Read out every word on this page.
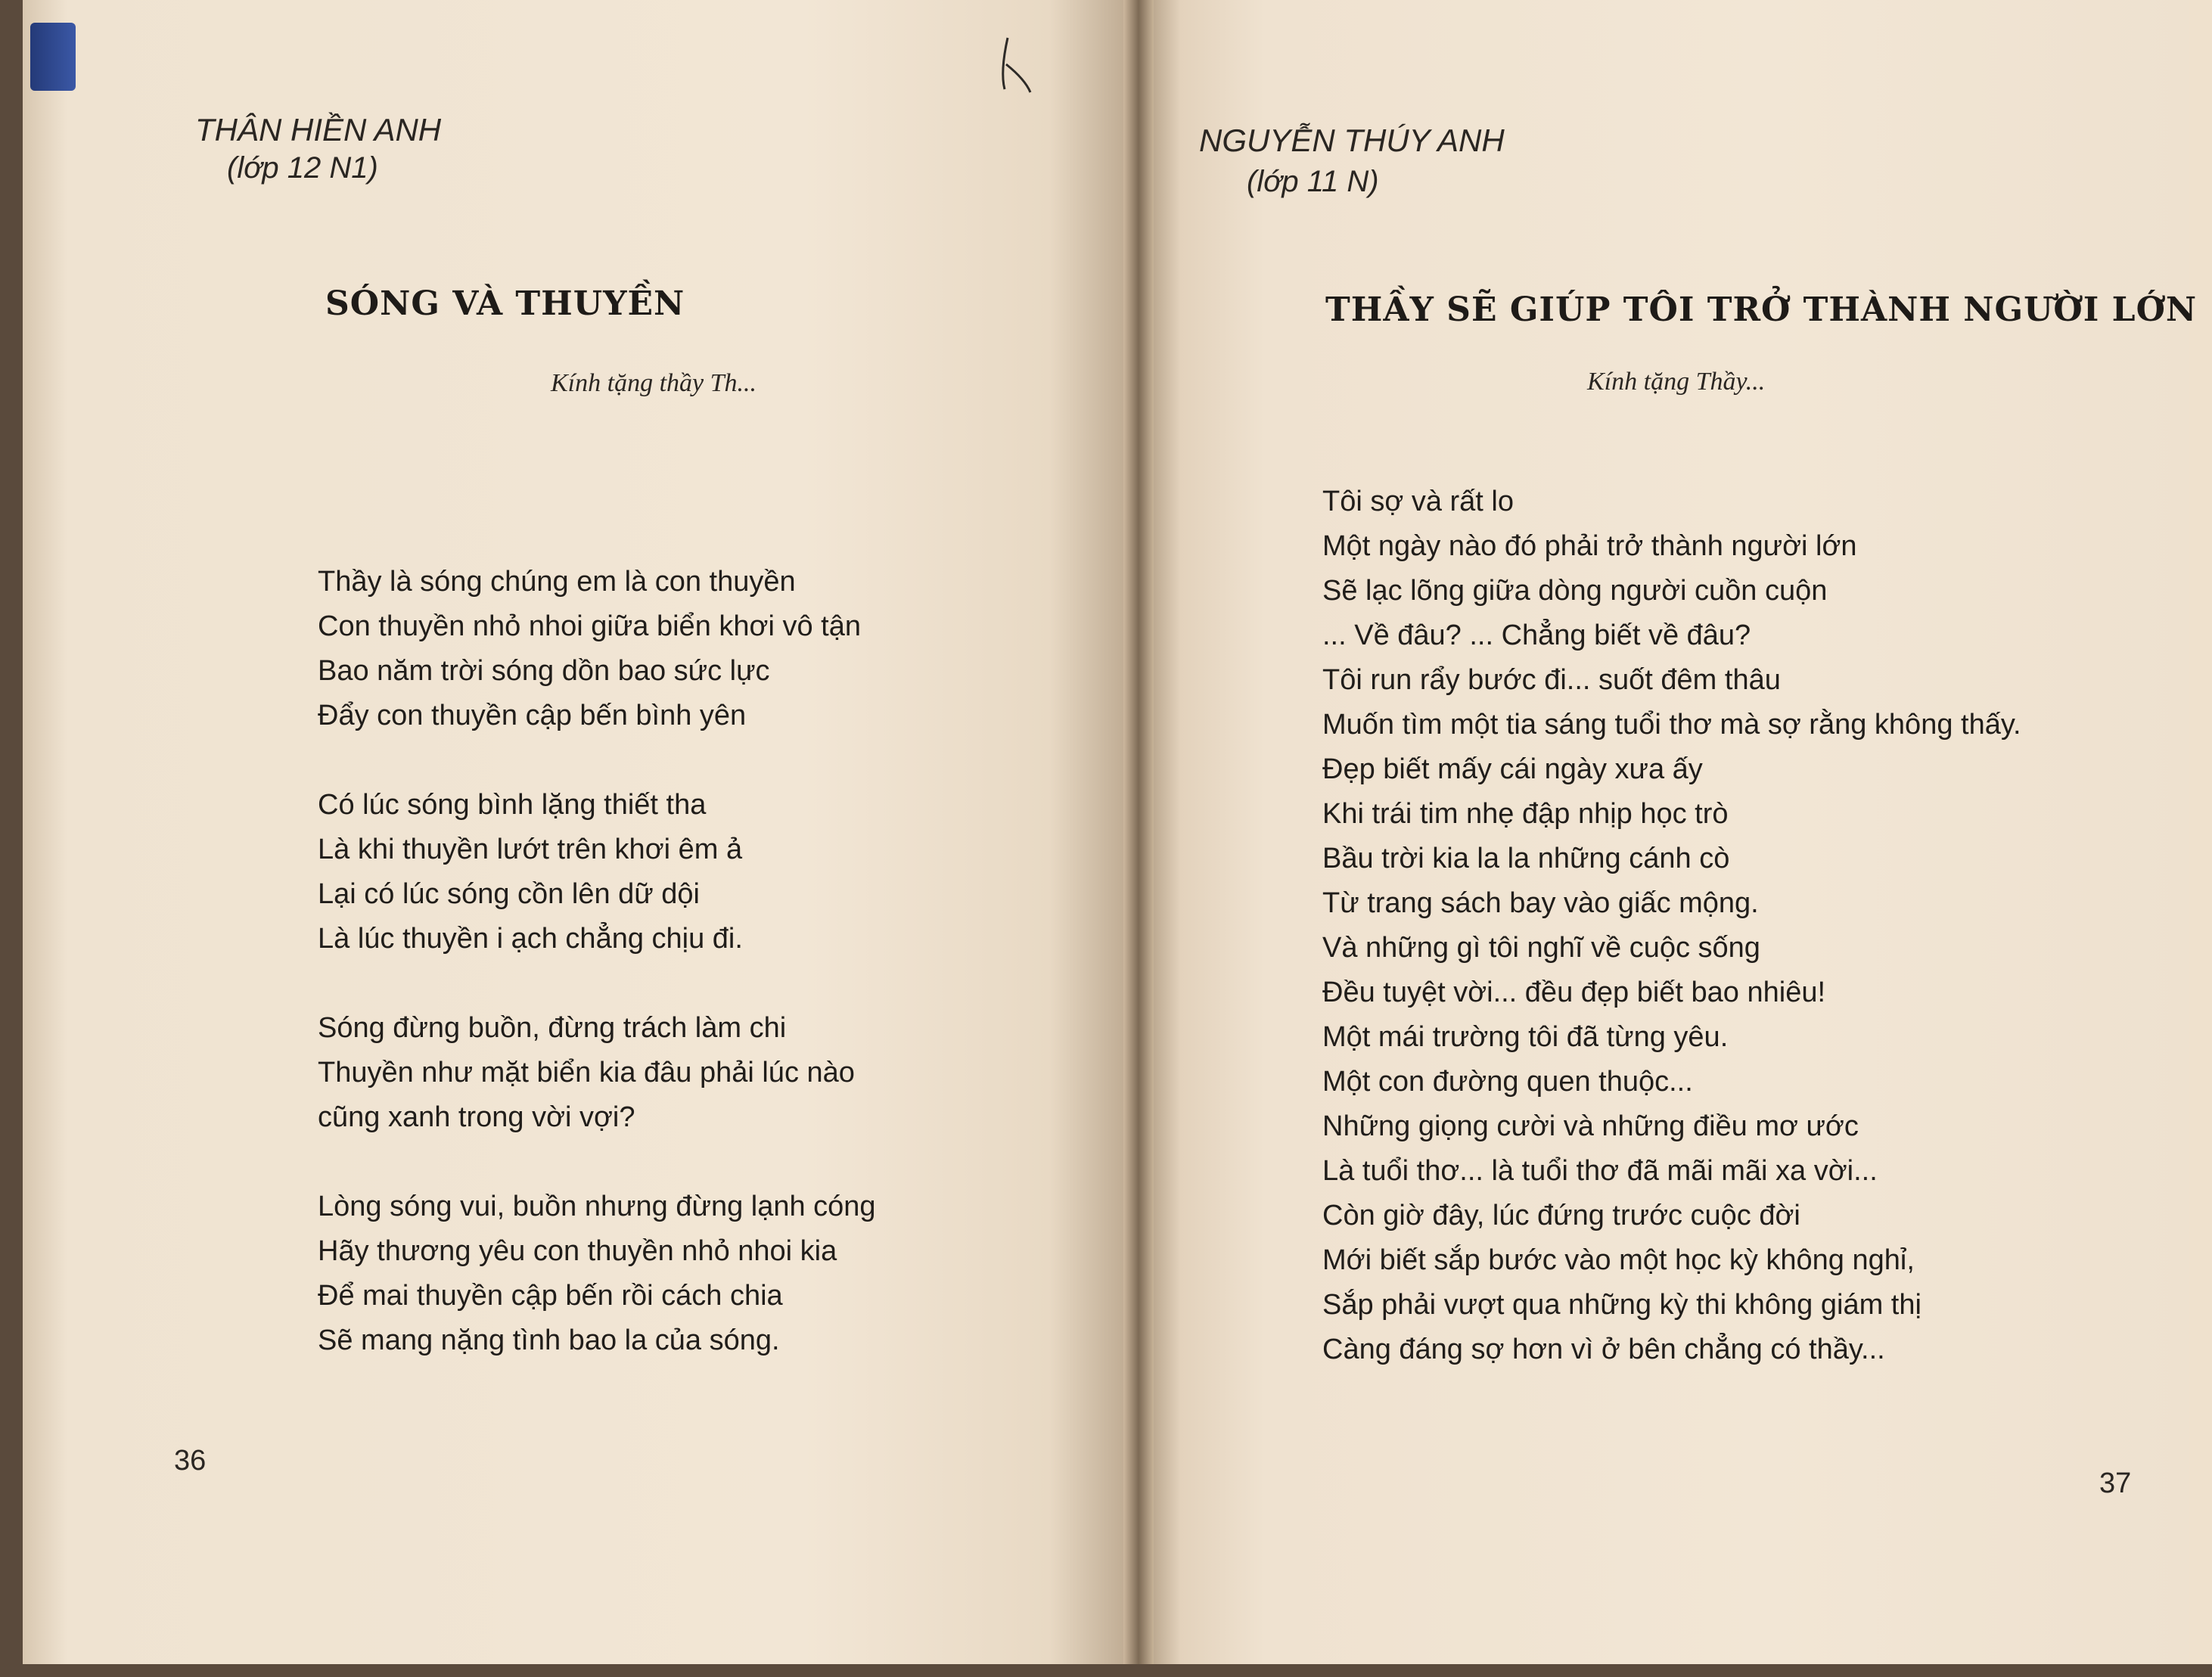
THÂN HIỀN ANH
(lớp 12 N1)
SÓNG VÀ THUYỀN
Kính tặng thầy Th...
Thầy là sóng chúng em là con thuyền
Con thuyền nhỏ nhoi giữa biển khơi vô tận
Bao năm trời sóng dồn bao sức lực
Đẩy con thuyền cập bến bình yên
Có lúc sóng bình lặng thiết tha
Là khi thuyền lướt trên khơi êm ả
Lại có lúc sóng cồn lên dữ dội
Là lúc thuyền i ạch chẳng chịu đi.
Sóng đừng buồn, đừng trách làm chi
Thuyền như mặt biển kia đâu phải lúc nào
cũng xanh trong vời vợi?
Lòng sóng vui, buồn nhưng đừng lạnh cóng
Hãy thương yêu con thuyền nhỏ nhoi kia
Để mai thuyền cập bến rồi cách chia
Sẽ mang nặng tình bao la của sóng.
36
NGUYỄN THÚY ANH
(lớp 11 N)
THẦY SẼ GIÚP TÔI TRỞ THÀNH NGƯỜI LỚN
Kính tặng Thầy...
Tôi sợ và rất lo
Một ngày nào đó phải trở thành người lớn
Sẽ lạc lõng giữa dòng người cuồn cuộn
... Về đâu? ... Chẳng biết về đâu?
Tôi run rẩy bước đi... suốt đêm thâu
Muốn tìm một tia sáng tuổi thơ mà sợ rằng không thấy.
Đẹp biết mấy cái ngày xưa ấy
Khi trái tim nhẹ đập nhịp học trò
Bầu trời kia la la những cánh cò
Từ trang sách bay vào giấc mộng.
Và những gì tôi nghĩ về cuộc sống
Đều tuyệt vời... đều đẹp biết bao nhiêu!
Một mái trường tôi đã từng yêu.
Một con đường quen thuộc...
Những giọng cười và những điều mơ ước
Là tuổi thơ... là tuổi thơ đã mãi mãi xa vời...
Còn giờ đây, lúc đứng trước cuộc đời
Mới biết sắp bước vào một học kỳ không nghỉ,
Sắp phải vượt qua những kỳ thi không giám thị
Càng đáng sợ hơn vì ở bên chẳng có thầy...
37
